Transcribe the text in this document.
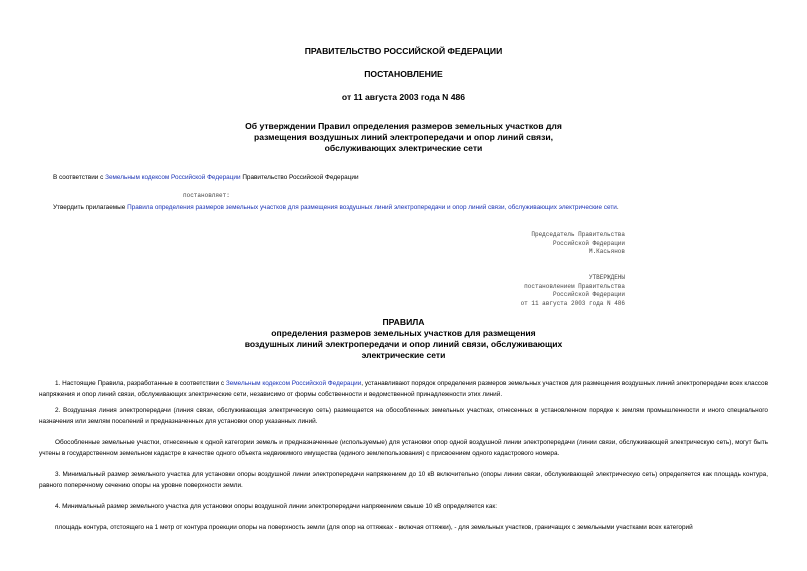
ПРАВИТЕЛЬСТВО РОССИЙСКОЙ ФЕДЕРАЦИИ
ПОСТАНОВЛЕНИЕ
от 11 августа 2003 года N 486
Об утверждении Правил определения размеров земельных участков для
размещения воздушных линий электропередачи и опор линий связи,
обслуживающих электрические сети
В соответствии с Земельным кодексом Российской Федерации Правительство Российской Федерации
постановляет:
Утвердить прилагаемые Правила определения размеров земельных участков для размещения воздушных линий электропередачи и опор линий связи, обслуживающих электрические сети.
Председатель Правительства
Российской Федерации
М.Касьянов
УТВЕРЖДЕНЫ
постановлением Правительства
Российской Федерации
от 11 августа 2003 года N 486
ПРАВИЛА
определения размеров земельных участков для размещения
воздушных линий электропередачи и опор линий связи, обслуживающих
электрические сети
1. Настоящие Правила, разработанные в соответствии с Земельным кодексом Российской Федерации, устанавливают порядок определения размеров земельных участков для размещения воздушных линий электропередачи всех классов напряжения и опор линий связи, обслуживающих электрические сети, независимо от формы собственности и ведомственной принадлежности этих линий.
2. Воздушная линия электропередачи (линия связи, обслуживающая электрическую сеть) размещается на обособленных земельных участках, отнесенных в установленном порядке к землям промышленности и иного специального назначения или землям поселений и предназначенных для установки опор указанных линий.
Обособленные земельные участки, отнесенные к одной категории земель и предназначенные (используемые) для установки опор одной воздушной линии электропередачи (линии связи, обслуживающей электрическую сеть), могут быть учтены в государственном земельном кадастре в качестве одного объекта недвижимого имущества (единого землепользования) с присвоением одного кадастрового номера.
3. Минимальный размер земельного участка для установки опоры воздушной линии электропередачи напряжением до 10 кВ включительно (опоры линии связи, обслуживающей электрическую сеть) определяется как площадь контура, равного поперечному сечению опоры на уровне поверхности земли.
4. Минимальный размер земельного участка для установки опоры воздушной линии электропередачи напряжением свыше 10 кВ определяется как:
площадь контура, отстоящего на 1 метр от контура проекции опоры на поверхность земли (для опор на оттяжках - включая оттяжки), - для земельных участков, граничащих с земельными участками всех категорий
